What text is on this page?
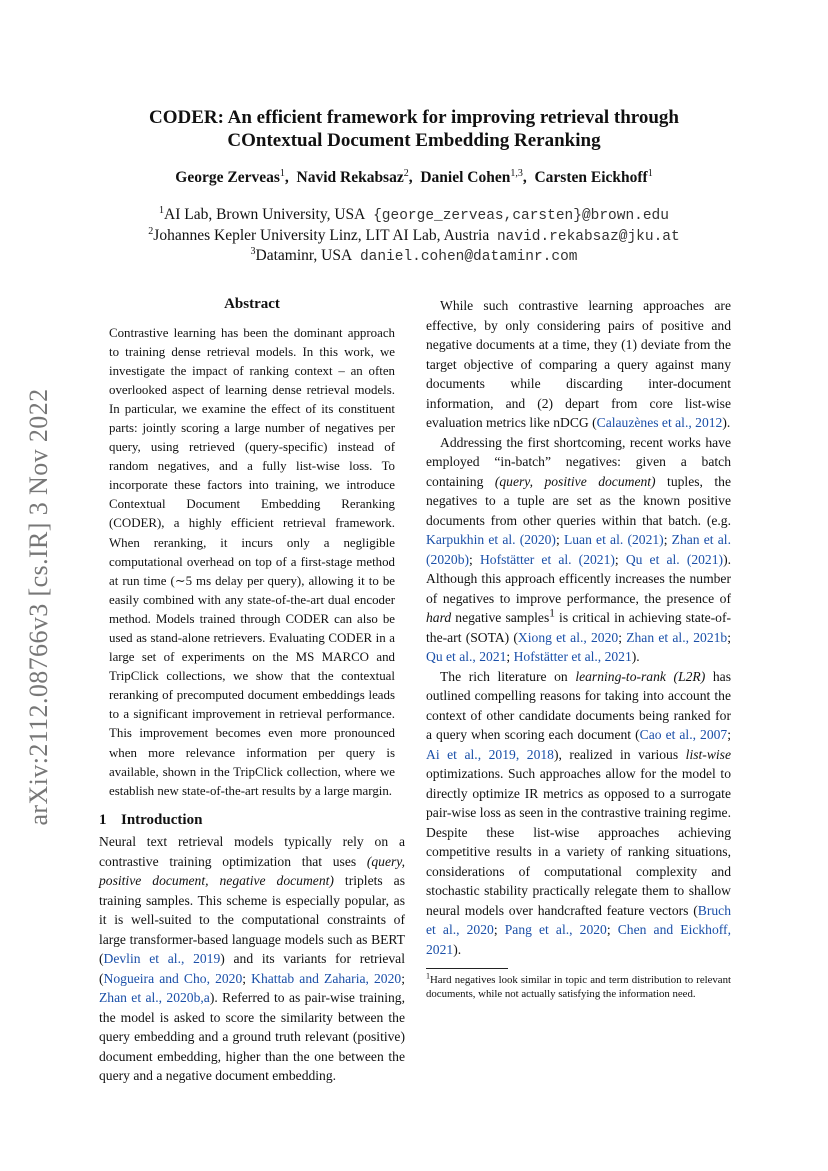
arXiv:2112.08766v3 [cs.IR] 3 Nov 2022
CODER: An efficient framework for improving retrieval through
COntextual Document Embedding Reranking
George Zerveas$^1$,  Navid Rekabsaz$^2$,  Daniel Cohen$^{1,3}$,  Carsten Eickhoff$^1$
$^1$AI Lab, Brown University, USA {george_zerveas,carsten}@brown.edu
$^2$Johannes Kepler University Linz, LIT AI Lab, Austria navid.rekabsaz@jku.at
$^3$Dataminr, USA daniel.cohen@dataminr.com
Abstract
Contrastive learning has been the dominant approach to training dense retrieval models. In this work, we investigate the impact of ranking context – an often overlooked aspect of learning dense retrieval models. In particular, we examine the effect of its constituent parts: jointly scoring a large number of negatives per query, using retrieved (query-specific) instead of random negatives, and a fully list-wise loss. To incorporate these factors into training, we introduce Contextual Document Embedding Reranking (CODER), a highly efficient retrieval framework. When reranking, it incurs only a negligible computational overhead on top of a first-stage method at run time (∼5 ms delay per query), allowing it to be easily combined with any state-of-the-art dual encoder method. Models trained through CODER can also be used as stand-alone retrievers. Evaluating CODER in a large set of experiments on the MS MARCO and TripClick collections, we show that the contextual reranking of precomputed document embeddings leads to a significant improvement in retrieval performance. This improvement becomes even more pronounced when more relevance information per query is available, shown in the TripClick collection, where we establish new state-of-the-art results by a large margin.
1 Introduction

Neural text retrieval models typically rely on a contrastive training optimization that uses (query, positive document, negative document) triplets as training samples. This scheme is especially popular, as it is well-suited to the computational constraints of large transformer-based language models such as BERT (Devlin et al., 2019) and its variants for retrieval (Nogueira and Cho, 2020; Khattab and Zaharia, 2020; Zhan et al., 2020b,a). Referred to as pair-wise training, the model is asked to score the similarity between the query embedding and a ground truth relevant (positive) document embedding, higher than the one between the query and a negative document embedding.

While such contrastive learning approaches are effective, by only considering pairs of positive and negative documents at a time, they (1) deviate from the target objective of comparing a query against many documents while discarding inter-document information, and (2) depart from core list-wise evaluation metrics like nDCG (Calauzènes et al., 2012).

Addressing the first shortcoming, recent works have employed “in-batch” negatives: given a batch containing (query, positive document) tuples, the negatives to a tuple are set as the known positive documents from other queries within that batch. (e.g. Karpukhin et al. (2020); Luan et al. (2021); Zhan et al. (2020b); Hofstätter et al. (2021); Qu et al. (2021)). Although this approach efficently increases the number of negatives to improve performance, the presence of hard negative samples$^1$ is critical in achieving state-of-the-art (SOTA) (Xiong et al., 2020; Zhan et al., 2021b; Qu et al., 2021; Hofstätter et al., 2021).

The rich literature on learning-to-rank (L2R) has outlined compelling reasons for taking into account the context of other candidate documents being ranked for a query when scoring each document (Cao et al., 2007; Ai et al., 2019, 2018), realized in various list-wise optimizations. Such approaches allow for the model to directly optimize IR metrics as opposed to a surrogate pair-wise loss as seen in the contrastive training regime. Despite these list-wise approaches achieving competitive results in a variety of ranking situations, considerations of computational complexity and stochastic stability practically relegate them to shallow neural models over handcrafted feature vectors (Bruch et al., 2020; Pang et al., 2020; Chen and Eickhoff, 2021).

$^1$Hard negatives look similar in topic and term distribution to relevant documents, while not actually satisfying the information need.
